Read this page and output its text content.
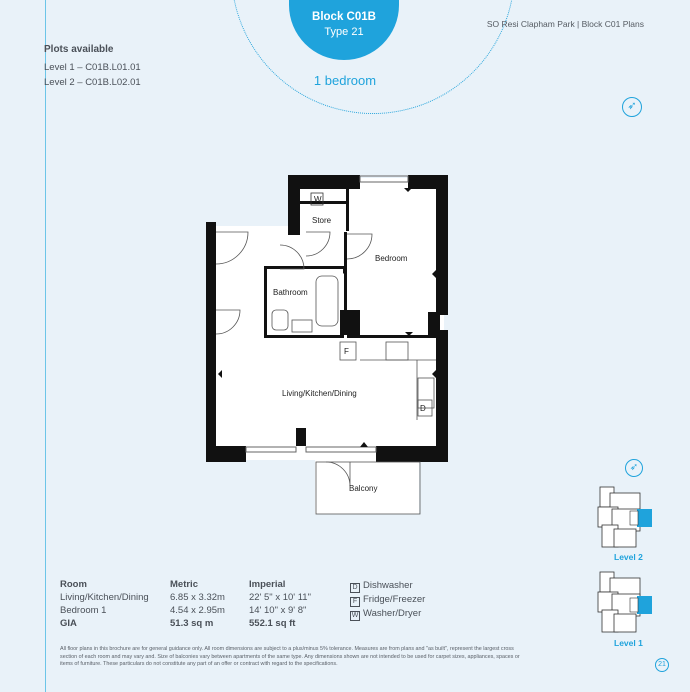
Block C01B
Type 21
1 bedroom
SO Resi Clapham Park | Block C01 Plans
Plots available
Level 1 – C01B.L01.01
Level 2 – C01B.L02.01
➶
➶
W
Store
Bedroom
Bathroom
Living/Kitchen/Dining
F
D
Balcony
Level 2
Level 1
Room
Living/Kitchen/Dining
Bedroom 1
GIA
Metric
6.85 x 3.32m
4.54 x 2.95m
51.3 sq m
Imperial
22' 5" x 10' 11"
14' 10" x 9' 8"
552.1 sq ft
D Dishwasher
F Fridge/Freezer
W Washer/Dryer
All floor plans in this brochure are for general guidance only. All room dimensions are subject to a plus/minus 5% tolerance. Measures are from plans and "as built", represent the largest cross section of each room and may vary and. Size of balconies vary between apartments of the same type. Any dimensions shown are not intended to be used for carpet sizes, appliances, spaces or items of furniture. These particulars do not constitute any part of an offer or contract with regard to the specifications.	21
